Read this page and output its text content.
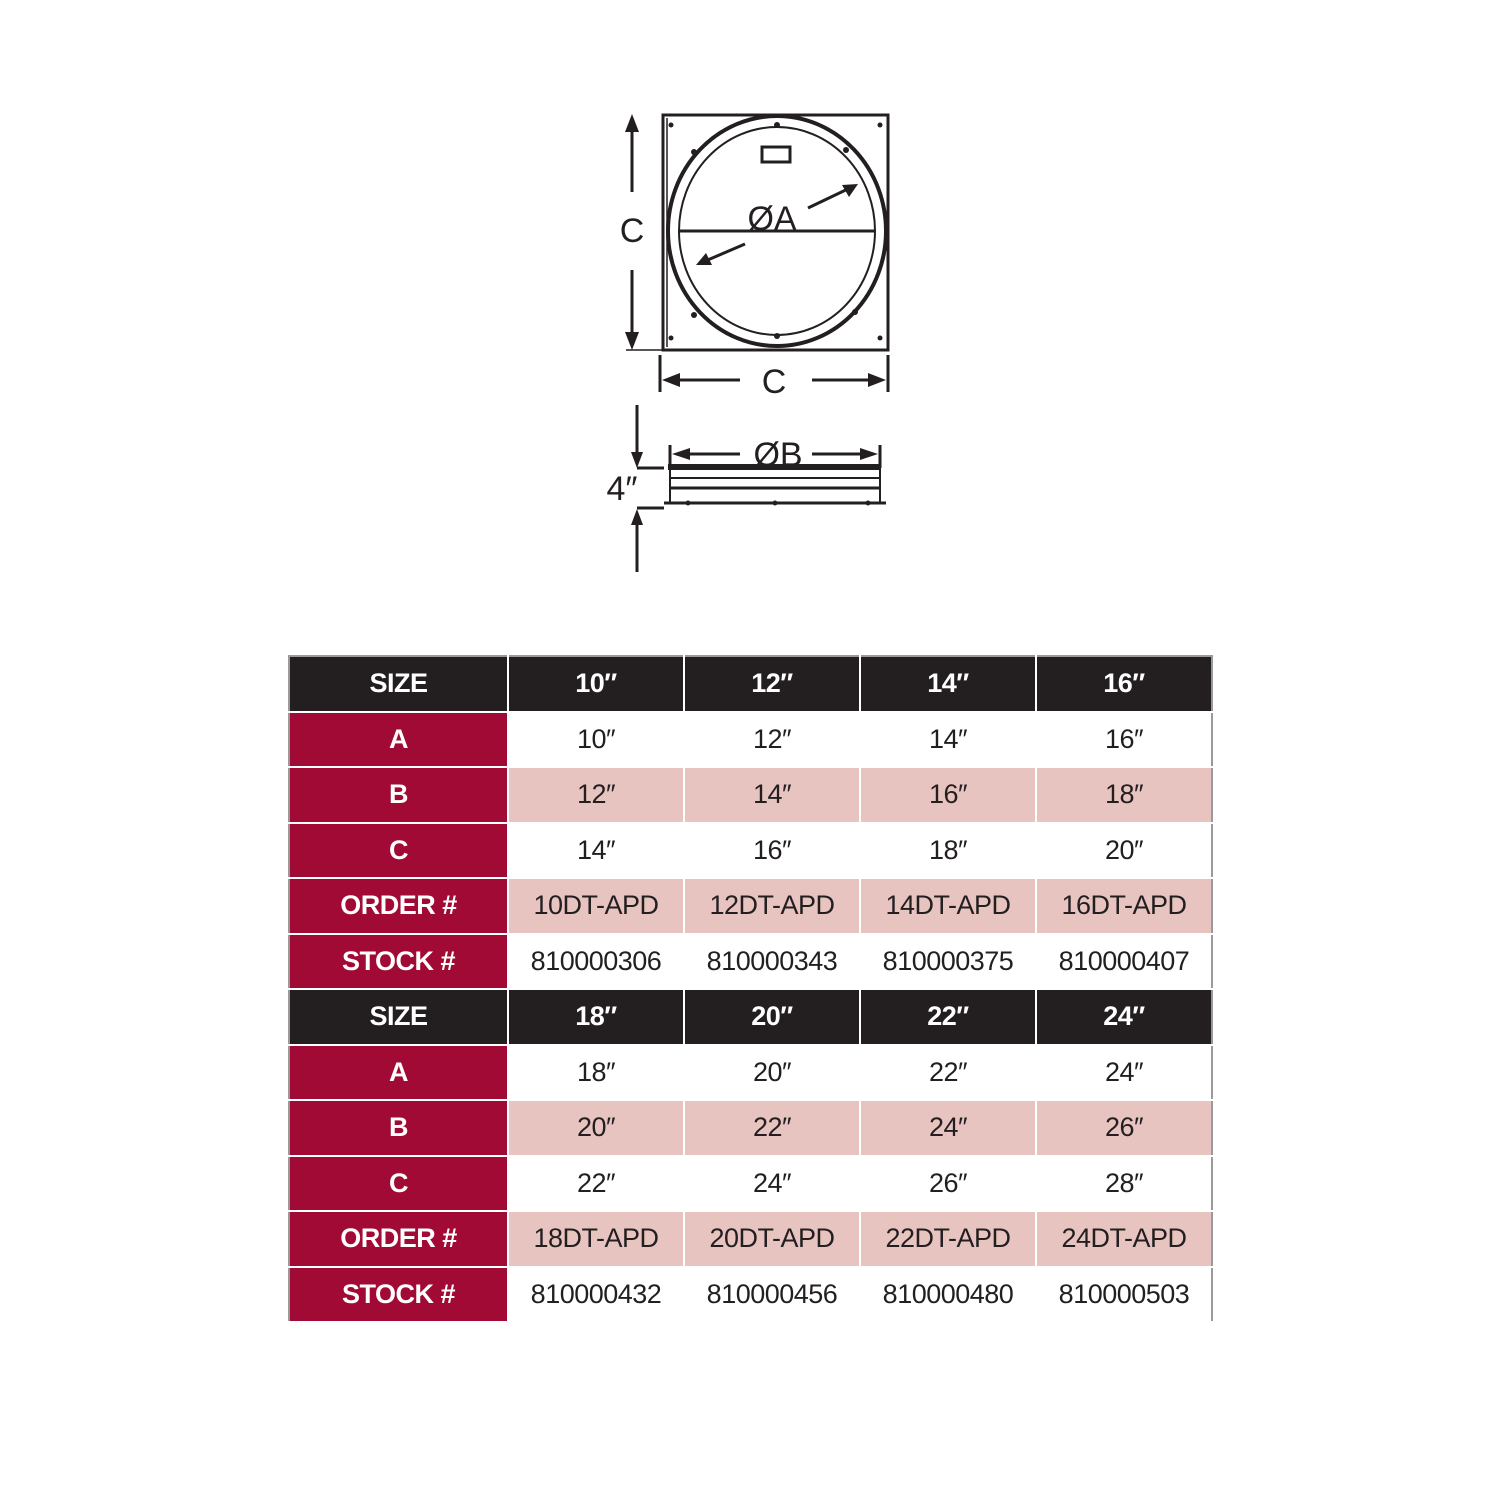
ØA
C
C
ØB
4″
SIZE	10″	12″	14″	16″
A	10″	12″	14″	16″
B	12″	14″	16″	18″
C	14″	16″	18″	20″
ORDER #	10DT-APD	12DT-APD	14DT-APD	16DT-APD
STOCK #	810000306	810000343	810000375	810000407
SIZE	18″	20″	22″	24″
A	18″	20″	22″	24″
B	20″	22″	24″	26″
C	22″	24″	26″	28″
ORDER #	18DT-APD	20DT-APD	22DT-APD	24DT-APD
STOCK #	810000432	810000456	810000480	810000503
